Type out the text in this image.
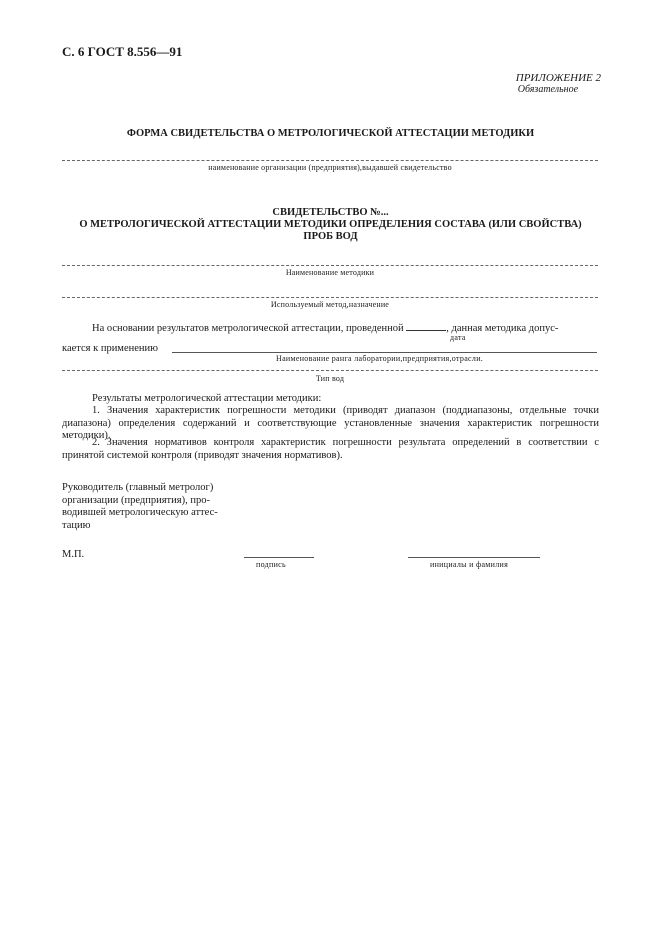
С. 6 ГОСТ 8.556—91
ПРИЛОЖЕНИЕ 2
Обязательное
ФОРМА СВИДЕТЕЛЬСТВА О МЕТРОЛОГИЧЕСКОЙ АТТЕСТАЦИИ МЕТОДИКИ
наименование организации (предприятия),выдавшей свидетельство
СВИДЕТЕЛЬСТВО №...
О МЕТРОЛОГИЧЕСКОЙ АТТЕСТАЦИИ МЕТОДИКИ ОПРЕДЕЛЕНИЯ СОСТАВА (ИЛИ СВОЙСТВА)
ПРОБ ВОД
Наименование методики
Используемый метод,назначение
На основании результатов метрологической аттестации, проведенной	, данная методика допус-
дата
кается к применению
Наименование ранга лаборатории,предприятия,отрасли.
Тип вод
Результаты метрологической аттестации методики:
1. Значения характеристик погрешности методики (приводят диапазон (поддиапазоны, отдельные точки диапазона) определения содержаний и соответствующие установленные значения характеристик погрешности методики).
2. Значения нормативов контроля характеристик погрешности результата определений в соответствии с принятой системой контроля (приводят значения нормативов).
Руководитель (главный метролог)
организации (предприятия), про-
водившей метрологическую аттес-
тацию
М.П.
подпись	инициалы и фамилия
